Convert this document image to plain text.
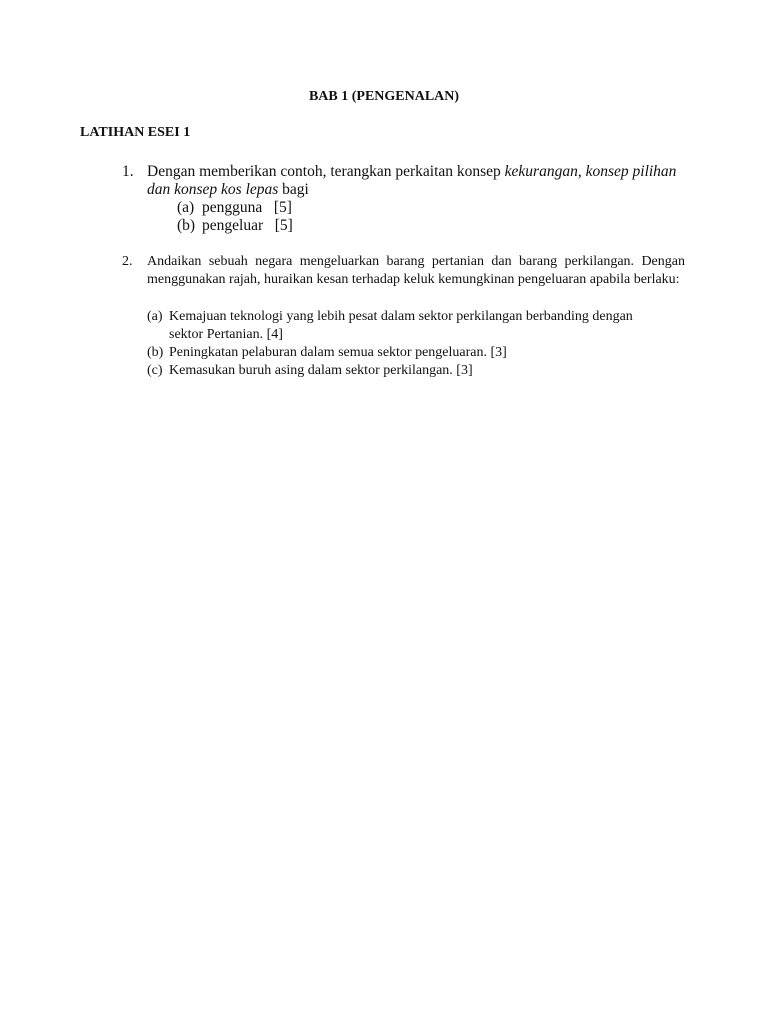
BAB 1 (PENGENALAN)
LATIHAN ESEI 1
1. Dengan memberikan contoh, terangkan perkaitan konsep kekurangan, konsep pilihan dan konsep kos lepas bagi
(a) pengguna   [5]
(b) pengeluar   [5]
2. Andaikan sebuah negara mengeluarkan barang pertanian dan barang perkilangan. Dengan menggunakan rajah, huraikan kesan terhadap keluk kemungkinan pengeluaran apabila berlaku:
(a) Kemajuan teknologi yang lebih pesat dalam sektor perkilangan berbanding dengan sektor Pertanian. [4]
(b) Peningkatan pelaburan dalam semua sektor pengeluaran. [3]
(c) Kemasukan buruh asing dalam sektor perkilangan. [3]
